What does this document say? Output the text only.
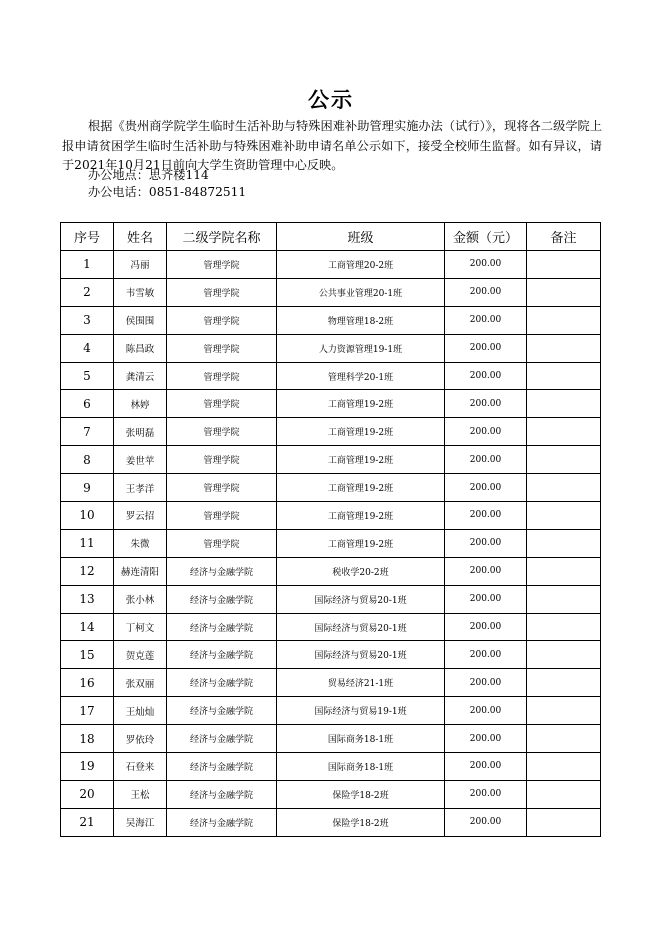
公示

根据《贵州商学院学生临时生活补助与特殊困难补助管理实施办法（试行）》，现将各二级学院上报申请贫困学生临时生活补助与特殊困难补助申请名单公示如下，接受全校师生监督。如有异议，请于2021年10月21日前向大学生资助管理中心反映。

办公地点：思齐楼114
办公电话：0851-84872511
序号	姓名	二级学院名称	班级	金额（元）	备注
1	冯丽	管理学院	工商管理20-2班	200.00	
2	韦雪敏	管理学院	公共事业管理20-1班	200.00	
3	侯围围	管理学院	物理管理18-2班	200.00	
4	陈昌政	管理学院	人力资源管理19-1班	200.00	
5	龚清云	管理学院	管理科学20-1班	200.00	
6	林婷	管理学院	工商管理19-2班	200.00	
7	张明磊	管理学院	工商管理19-2班	200.00	
8	姜世苹	管理学院	工商管理19-2班	200.00	
9	王孝洋	管理学院	工商管理19-2班	200.00	
10	罗云招	管理学院	工商管理19-2班	200.00	
11	朱微	管理学院	工商管理19-2班	200.00	
12	赫连清阳	经济与金融学院	税收学20-2班	200.00	
13	张小林	经济与金融学院	国际经济与贸易20-1班	200.00	
14	丁柯文	经济与金融学院	国际经济与贸易20-1班	200.00	
15	贺克莲	经济与金融学院	国际经济与贸易20-1班	200.00	
16	张双丽	经济与金融学院	贸易经济21-1班	200.00	
17	王灿灿	经济与金融学院	国际经济与贸易19-1班	200.00	
18	罗依玲	经济与金融学院	国际商务18-1班	200.00	
19	石登来	经济与金融学院	国际商务18-1班	200.00	
20	王松	经济与金融学院	保险学18-2班	200.00	
21	吴海江	经济与金融学院	保险学18-2班	200.00	
